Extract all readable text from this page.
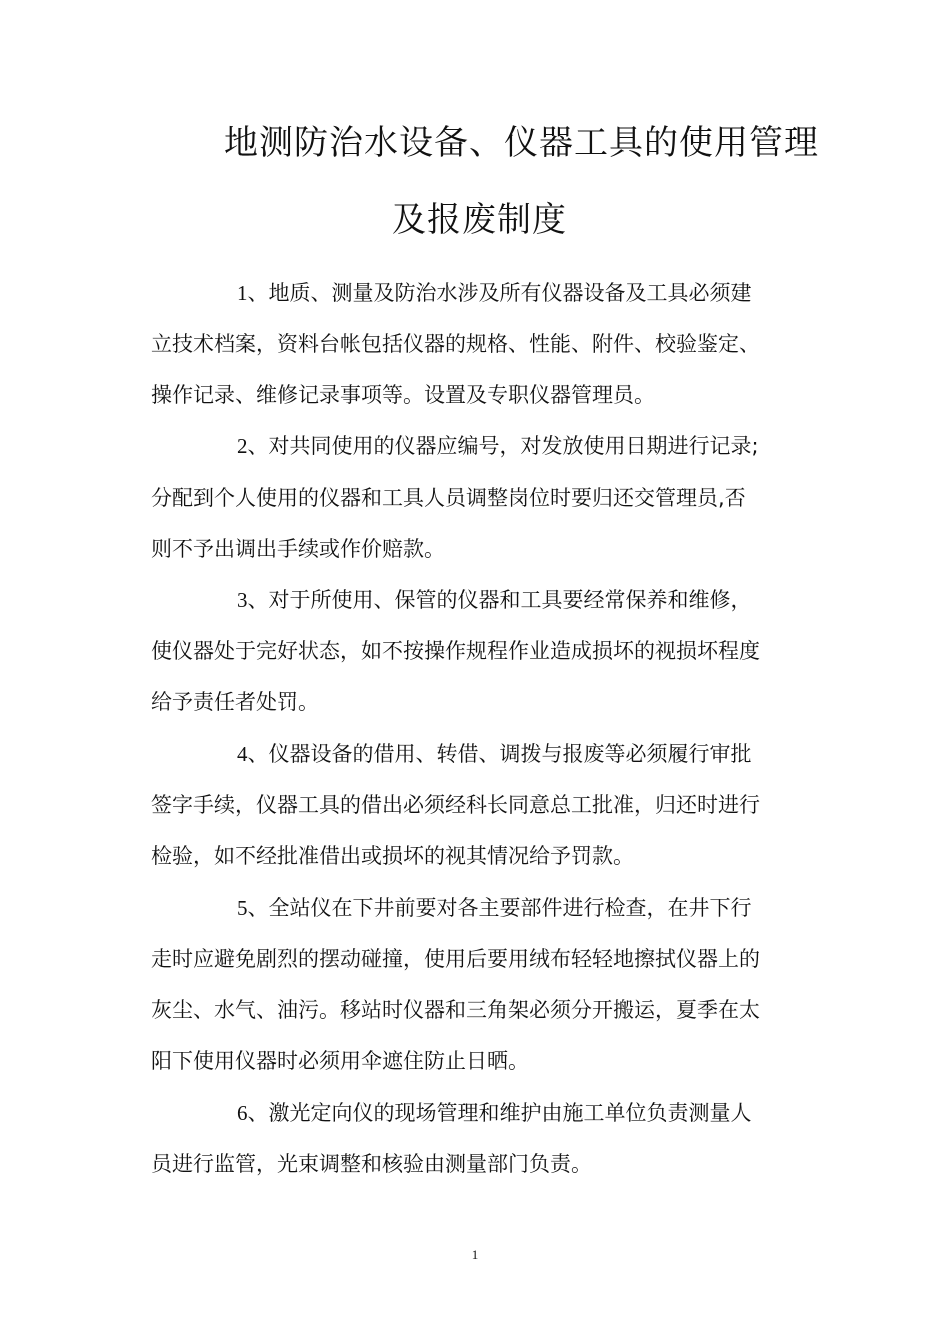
地测防治水设备、仪器工具的使用管理
及报废制度

1、地质、测量及防治水涉及所有仪器设备及工具必须建

立技术档案，资料台帐包括仪器的规格、性能、附件、校验鉴定、

操作记录、维修记录事项等。设置及专职仪器管理员。

2、对共同使用的仪器应编号，对发放使用日期进行记录;

分配到个人使用的仪器和工具人员调整岗位时要归还交管理员,否

则不予出调出手续或作价赔款。

3、对于所使用、保管的仪器和工具要经常保养和维修，

使仪器处于完好状态，如不按操作规程作业造成损坏的视损坏程度

给予责任者处罚。

4、仪器设备的借用、转借、调拨与报废等必须履行审批

签字手续，仪器工具的借出必须经科长同意总工批准，归还时进行

检验，如不经批准借出或损坏的视其情况给予罚款。

5、全站仪在下井前要对各主要部件进行检查，在井下行

走时应避免剧烈的摆动碰撞，使用后要用绒布轻轻地擦拭仪器上的

灰尘、水气、油污。移站时仪器和三角架必须分开搬运，夏季在太

阳下使用仪器时必须用伞遮住防止日晒。

6、激光定向仪的现场管理和维护由施工单位负责测量人

员进行监管，光束调整和核验由测量部门负责。

1
